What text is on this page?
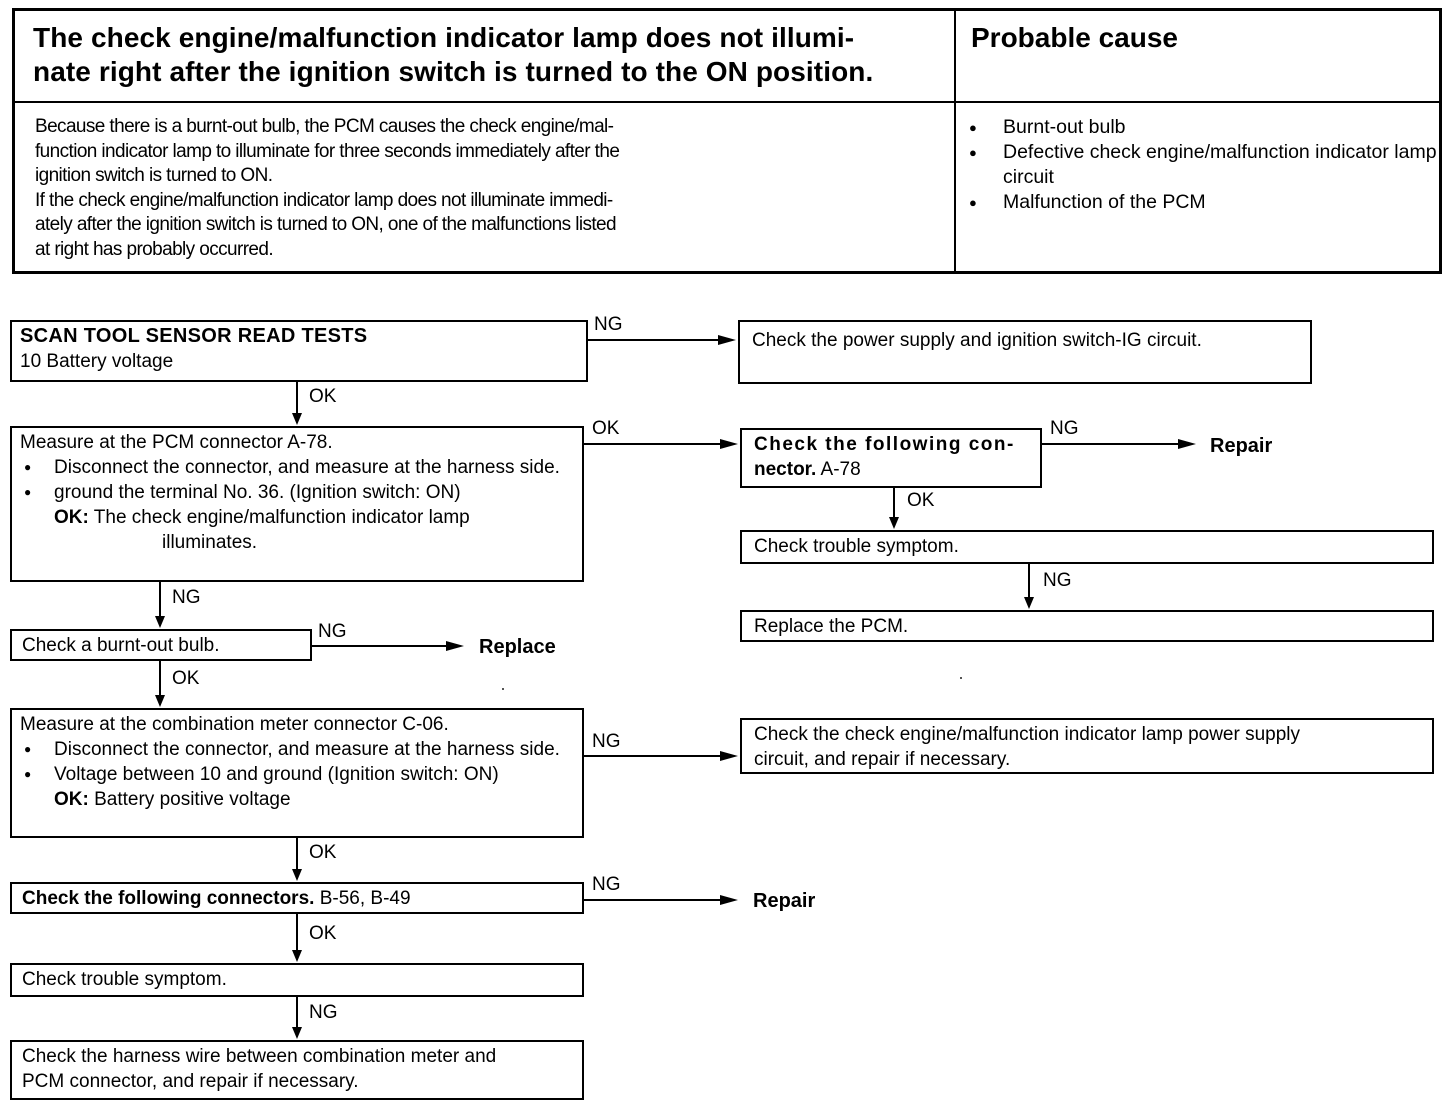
The check engine/malfunction indicator lamp does not illumi-
nate right after the ignition switch is turned to the ON position.
Probable cause

Because there is a burnt-out bulb, the PCM causes the check engine/mal-

function indicator lamp to illuminate for three seconds immediately after the

ignition switch is turned to ON.

If the check engine/malfunction indicator lamp does not illuminate immedi-

ately after the ignition switch is turned to ON, one of the malfunctions listed

at right has probably occurred.

● Burnt-out bulb
● Defective check engine/malfunction indicator lamp circuit
● Malfunction of the PCM
SCAN TOOL SENSOR READ TESTS
10 Battery voltage
Check the power supply and ignition switch-IG circuit.
Measure at the PCM connector A-78.
● Disconnect the connector, and measure at the harness side.
● ground the terminal No. 36. (Ignition switch: ON)
OK: The check engine/malfunction indicator lamp
illuminates.
Check the following con-
nector. A-78
Check trouble symptom.
Replace the PCM.
Check a burnt-out bulb.
Measure at the combination meter connector C-06.
● Disconnect the connector, and measure at the harness side.
● Voltage between 10 and ground (Ignition switch: ON)
OK: Battery positive voltage
Check the check engine/malfunction indicator lamp power supply
circuit, and repair if necessary.
Check the following connectors. B-56, B-49
Check trouble symptom.
Check the harness wire between combination meter and
PCM connector, and repair if necessary.
NG
OK
OK	NG
Repair
OK
NG
NG
NG
Replace
OK
NG
OK
NG
Repair
OK
NG
